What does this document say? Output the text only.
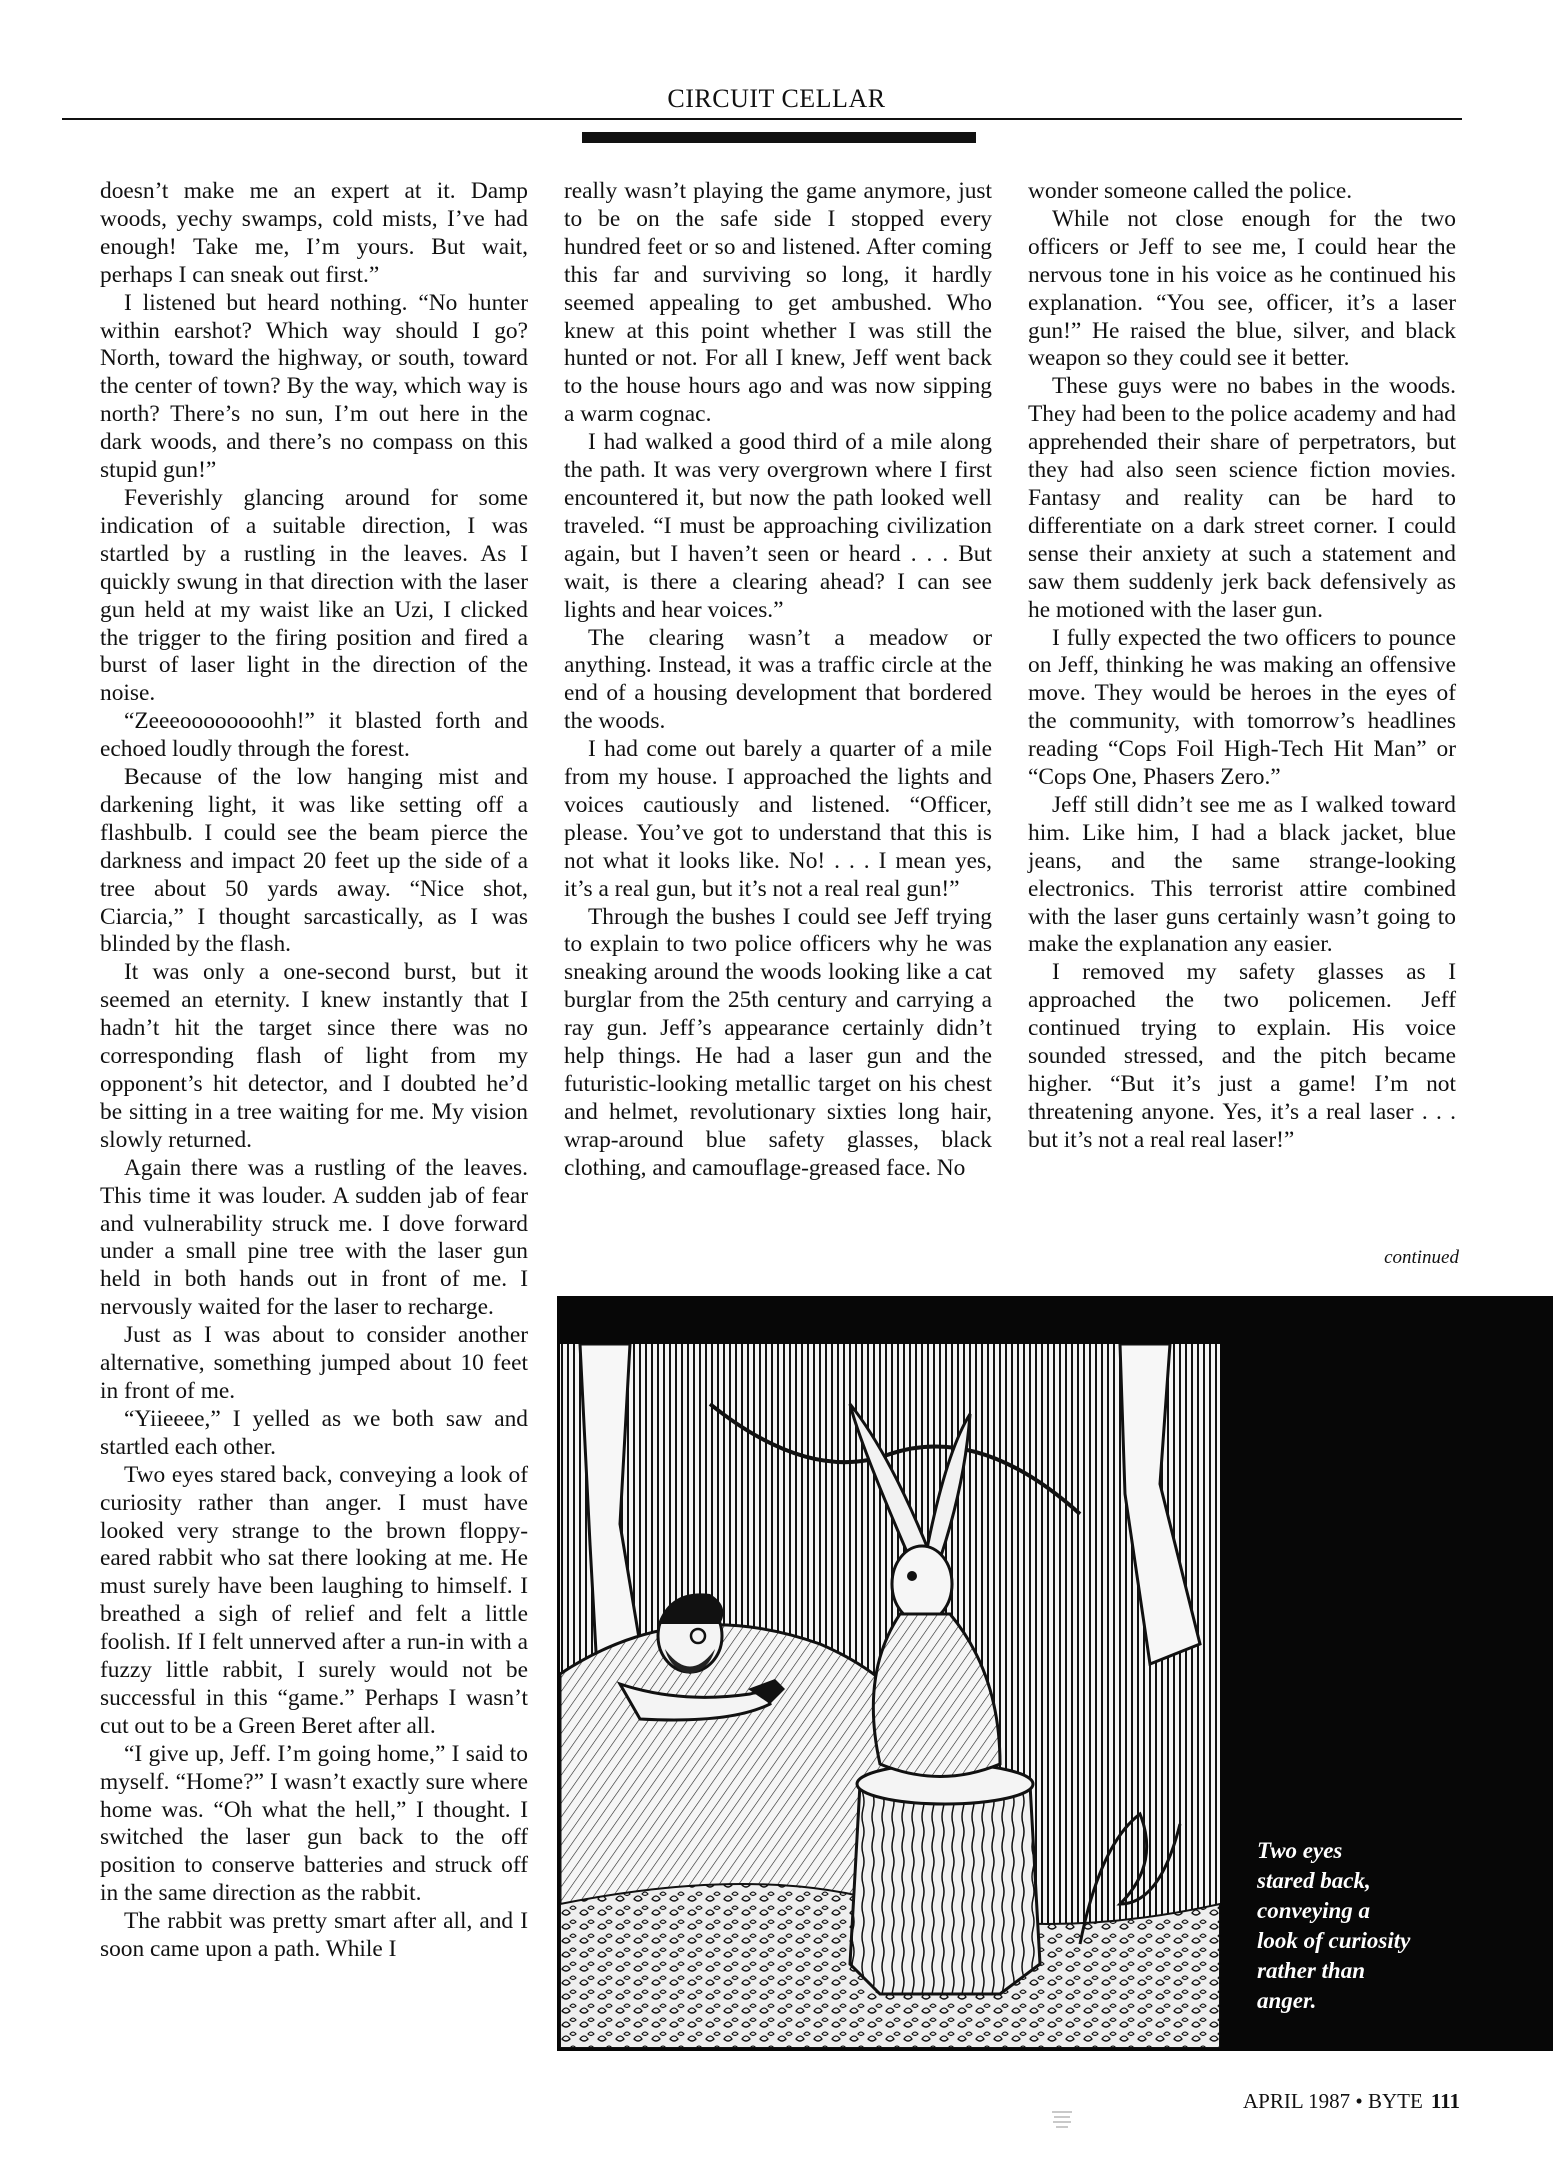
CIRCUIT CELLAR

doesn’t make me an expert at it. Damp woods, yechy swamps, cold mists, I’ve had enough! Take me, I’m yours. But wait, perhaps I can sneak out first.”

I listened but heard nothing. “No hunter within earshot? Which way should I go? North, toward the highway, or south, toward the center of town? By the way, which way is north? There’s no sun, I’m out here in the dark woods, and there’s no compass on this stupid gun!”

Feverishly glancing around for some indication of a suitable direction, I was startled by a rustling in the leaves. As I quickly swung in that direction with the laser gun held at my waist like an Uzi, I clicked the trigger to the firing position and fired a burst of laser light in the direction of the noise.

“Zeeeoooooooohh!” it blasted forth and echoed loudly through the forest.

Because of the low hanging mist and darkening light, it was like setting off a flashbulb. I could see the beam pierce the darkness and impact 20 feet up the side of a tree about 50 yards away. “Nice shot, Ciarcia,” I thought sarcastically, as I was blinded by the flash.

It was only a one-second burst, but it seemed an eternity. I knew instantly that I hadn’t hit the target since there was no corresponding flash of light from my opponent’s hit detector, and I doubted he’d be sitting in a tree waiting for me. My vision slowly returned.

Again there was a rustling of the leaves. This time it was louder. A sudden jab of fear and vulnerability struck me. I dove forward under a small pine tree with the laser gun held in both hands out in front of me. I nervously waited for the laser to recharge.

Just as I was about to consider another alternative, something jumped about 10 feet in front of me.

“Yiieeee,” I yelled as we both saw and startled each other.

Two eyes stared back, conveying a look of curiosity rather than anger. I must have looked very strange to the brown floppy-eared rabbit who sat there looking at me. He must surely have been laughing to himself. I breathed a sigh of relief and felt a little foolish. If I felt unnerved after a run-in with a fuzzy little rabbit, I surely would not be successful in this “game.” Perhaps I wasn’t cut out to be a Green Beret after all.

“I give up, Jeff. I’m going home,” I said to myself. “Home?” I wasn’t exactly sure where home was. “Oh what the hell,” I thought. I switched the laser gun back to the off position to conserve batteries and struck off in the same direction as the rabbit.

The rabbit was pretty smart after all, and I soon came upon a path. While I

really wasn’t playing the game anymore, just to be on the safe side I stopped every hundred feet or so and listened. After coming this far and surviving so long, it hardly seemed appealing to get ambushed. Who knew at this point whether I was still the hunted or not. For all I knew, Jeff went back to the house hours ago and was now sipping a warm cognac.

I had walked a good third of a mile along the path. It was very overgrown where I first encountered it, but now the path looked well traveled. “I must be approaching civilization again, but I haven’t seen or heard . . . But wait, is there a clearing ahead? I can see lights and hear voices.”

The clearing wasn’t a meadow or anything. Instead, it was a traffic circle at the end of a housing development that bordered the woods.

I had come out barely a quarter of a mile from my house. I approached the lights and voices cautiously and listened. “Officer, please. You’ve got to understand that this is not what it looks like. No! . . . I mean yes, it’s a real gun, but it’s not a real real gun!”

Through the bushes I could see Jeff trying to explain to two police officers why he was sneaking around the woods looking like a cat burglar from the 25th century and carrying a ray gun. Jeff’s appearance certainly didn’t help things. He had a laser gun and the futuristic-looking metallic target on his chest and helmet, revolutionary sixties long hair, wrap-around blue safety glasses, black clothing, and camouflage-greased face. No

wonder someone called the police.

While not close enough for the two officers or Jeff to see me, I could hear the nervous tone in his voice as he continued his explanation. “You see, officer, it’s a laser gun!” He raised the blue, silver, and black weapon so they could see it better.

These guys were no babes in the woods. They had been to the police academy and had apprehended their share of perpetrators, but they had also seen science fiction movies. Fantasy and reality can be hard to differentiate on a dark street corner. I could sense their anxiety at such a statement and saw them suddenly jerk back defensively as he motioned with the laser gun.

I fully expected the two officers to pounce on Jeff, thinking he was making an offensive move. They would be heroes in the eyes of the community, with tomorrow’s headlines reading “Cops Foil High-Tech Hit Man” or “Cops One, Phasers Zero.”

Jeff still didn’t see me as I walked toward him. Like him, I had a black jacket, blue jeans, and the same strange-looking electronics. This terrorist attire combined with the laser guns certainly wasn’t going to make the explanation any easier.

I removed my safety glasses as I approached the two policemen. Jeff continued trying to explain. His voice sounded stressed, and the pitch became higher. “But it’s just a game! I’m not threatening anyone. Yes, it’s a real laser . . . but it’s not a real real laser!”

continued
Two eyes
stared back,
conveying a
look of curiosity
rather than
anger.
APRIL 1987 • BYTE 111
